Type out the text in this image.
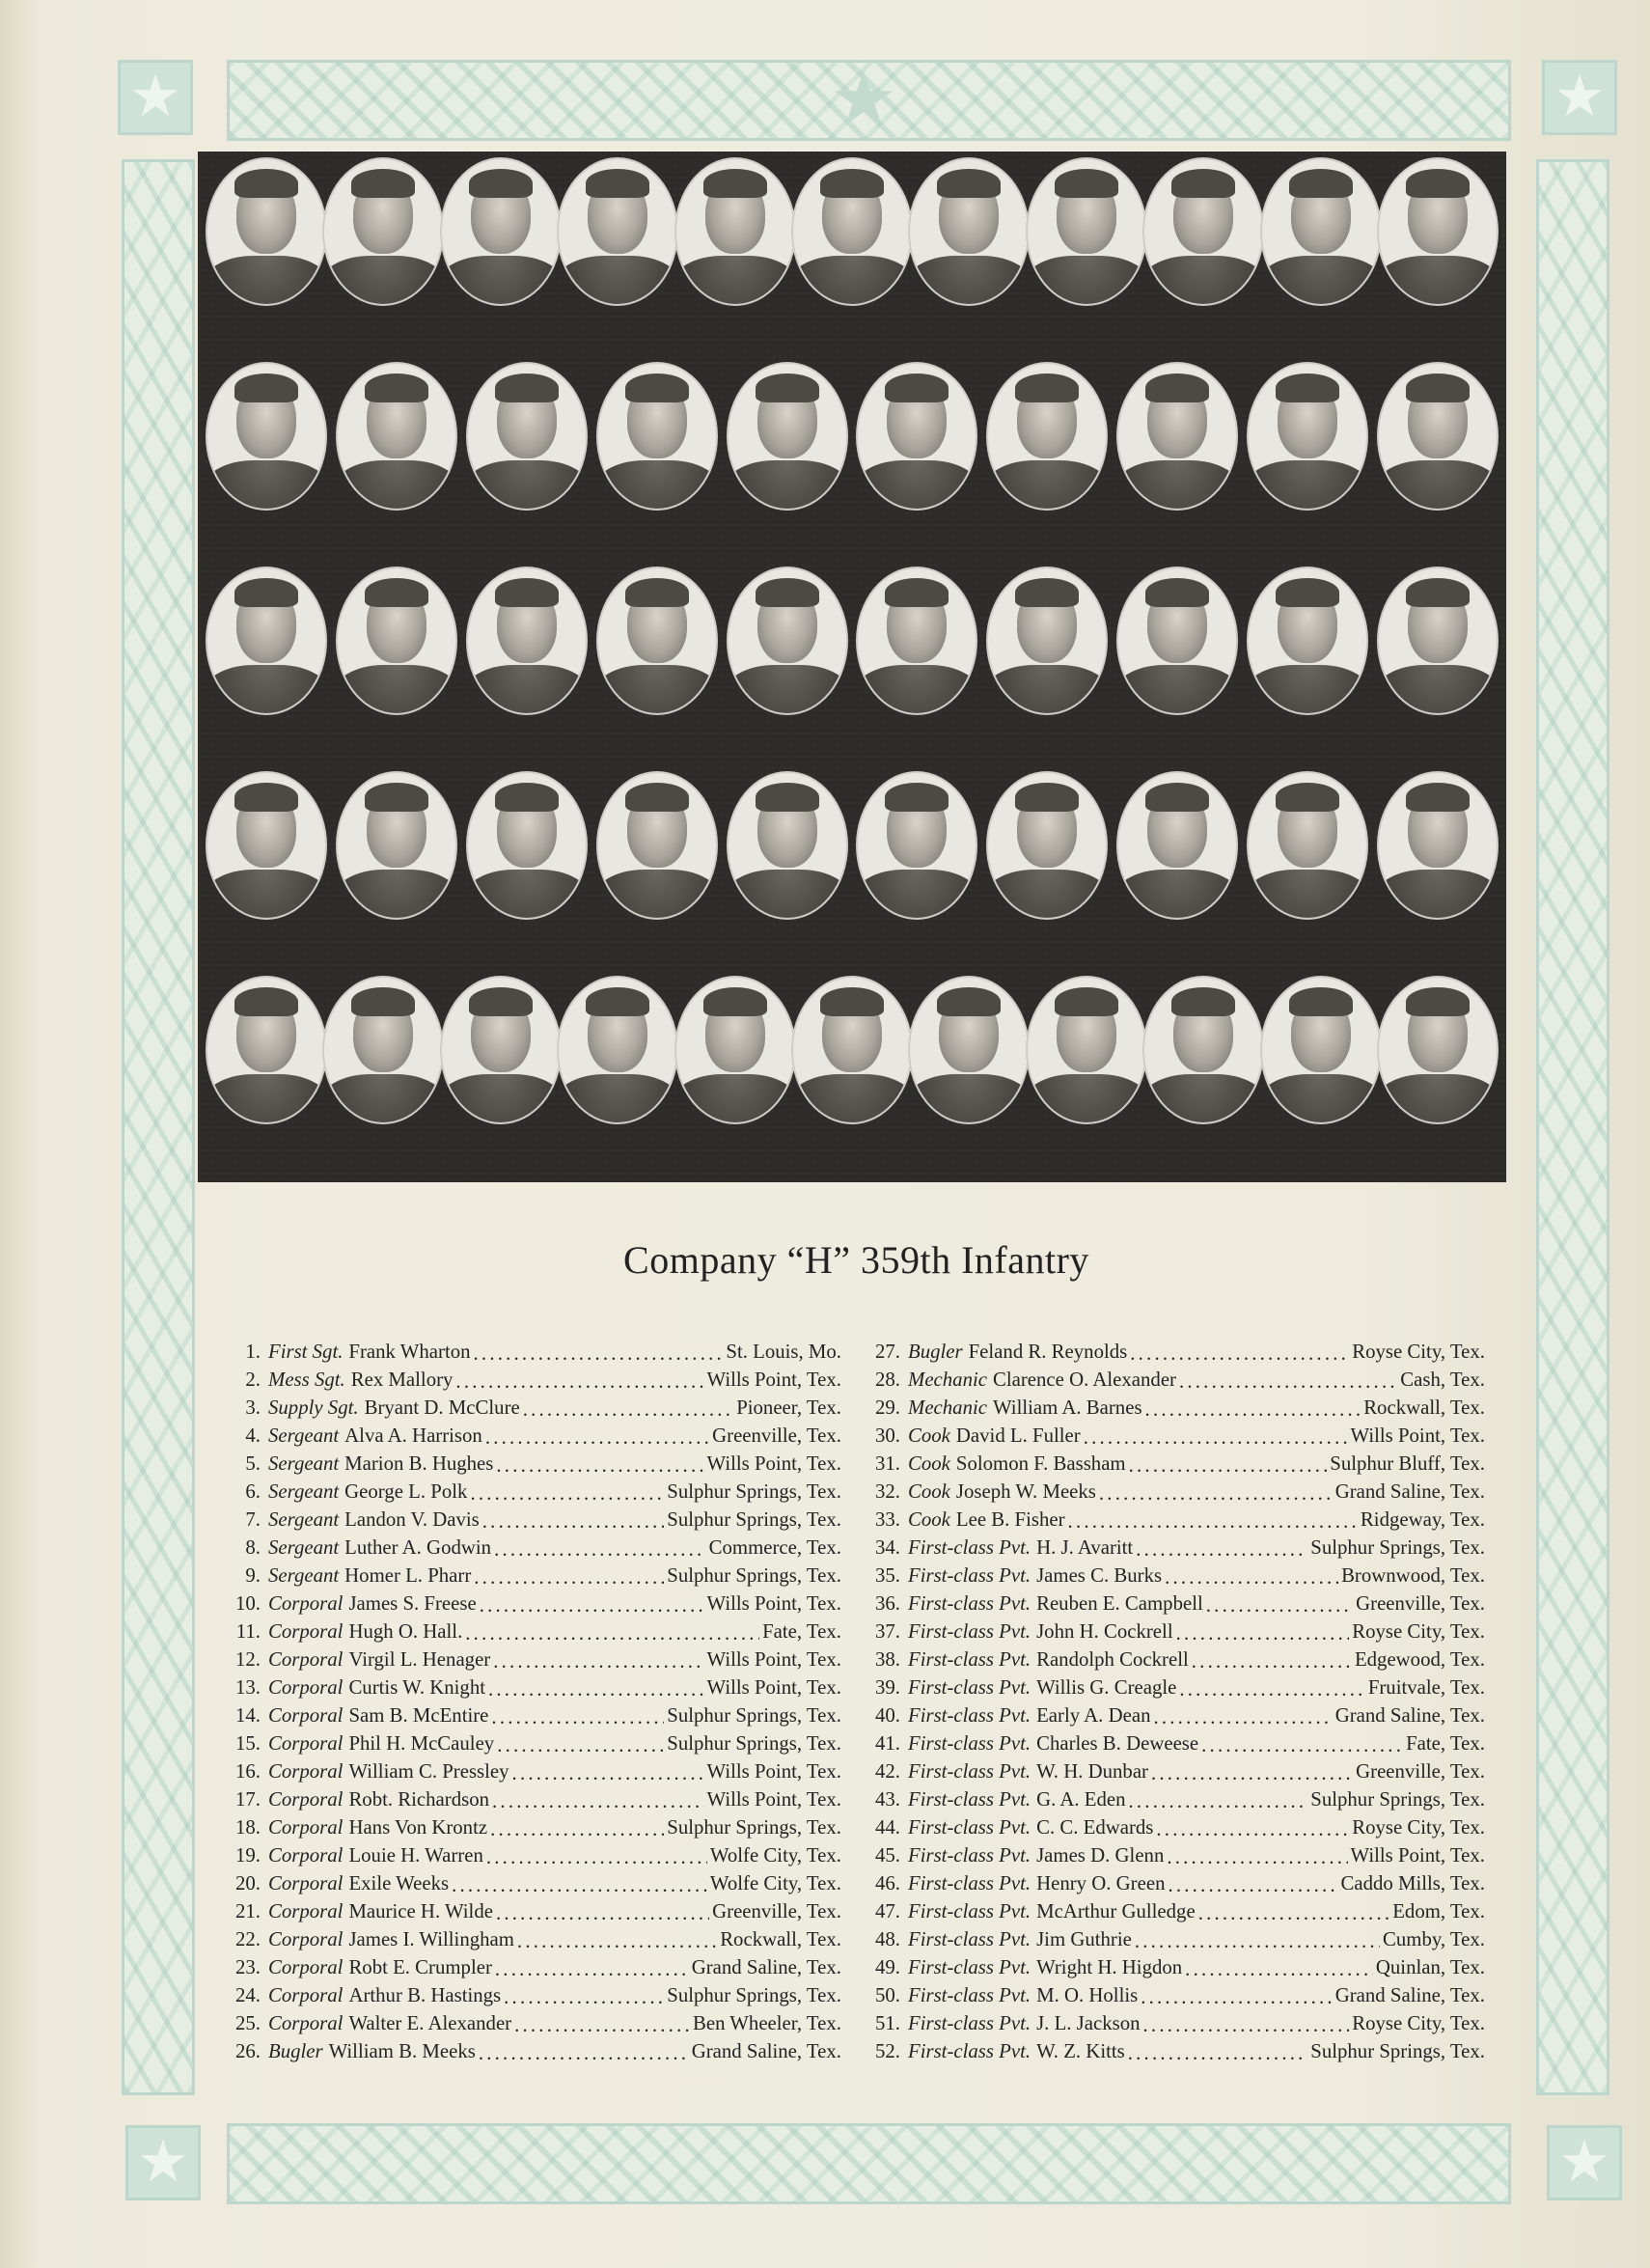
★
★	★
★	★
Company “H” 359th Infantry
1. First Sgt. Frank Wharton . . .	St. Louis, Mo.
2. Mess Sgt. Rex Mallory . . .	Wills Point, Tex.
3. Supply Sgt. Bryant D. McClure . . .	Pioneer, Tex.
4. Sergeant Alva A. Harrison . . .	Greenville, Tex.
5. Sergeant Marion B. Hughes . . .	Wills Point, Tex.
6. Sergeant George L. Polk . . .	Sulphur Springs, Tex.
7. Sergeant Landon V. Davis . . .	Sulphur Springs, Tex.
8. Sergeant Luther A. Godwin . . .	Commerce, Tex.
9. Sergeant Homer L. Pharr . . .	Sulphur Springs, Tex.
10. Corporal James S. Freese . . .	Wills Point, Tex.
11. Corporal Hugh O. Hall. . . .	Fate, Tex.
12. Corporal Virgil L. Henager . . .	Wills Point, Tex.
13. Corporal Curtis W. Knight . . .	Wills Point, Tex.
14. Corporal Sam B. McEntire . . .	Sulphur Springs, Tex.
15. Corporal Phil H. McCauley . . .	Sulphur Springs, Tex.
16. Corporal William C. Pressley . . .	Wills Point, Tex.
17. Corporal Robt. Richardson . . .	Wills Point, Tex.
18. Corporal Hans Von Krontz . . .	Sulphur Springs, Tex.
19. Corporal Louie H. Warren . . .	Wolfe City, Tex.
20. Corporal Exile Weeks . . .	Wolfe City, Tex.
21. Corporal Maurice H. Wilde . . .	Greenville, Tex.
22. Corporal James I. Willingham . . .	Rockwall, Tex.
23. Corporal Robt E. Crumpler . . .	Grand Saline, Tex.
24. Corporal Arthur B. Hastings . . .	Sulphur Springs, Tex.
25. Corporal Walter E. Alexander . . .	Ben Wheeler, Tex.
26. Bugler William B. Meeks . . .	Grand Saline, Tex.
27. Bugler Feland R. Reynolds . . .	Royse City, Tex.
28. Mechanic Clarence O. Alexander . . .	Cash, Tex.
29. Mechanic William A. Barnes . . .	Rockwall, Tex.
30. Cook David L. Fuller . . .	Wills Point, Tex.
31. Cook Solomon F. Bassham . . .	Sulphur Bluff, Tex.
32. Cook Joseph W. Meeks . . .	Grand Saline, Tex.
33. Cook Lee B. Fisher . . .	Ridgeway, Tex.
34. First-class Pvt. H. J. Avaritt . . .	Sulphur Springs, Tex.
35. First-class Pvt. James C. Burks . . .	Brownwood, Tex.
36. First-class Pvt. Reuben E. Campbell . . .	Greenville, Tex.
37. First-class Pvt. John H. Cockrell . . .	Royse City, Tex.
38. First-class Pvt. Randolph Cockrell . . .	Edgewood, Tex.
39. First-class Pvt. Willis G. Creagle . . .	Fruitvale, Tex.
40. First-class Pvt. Early A. Dean . . .	Grand Saline, Tex.
41. First-class Pvt. Charles B. Deweese . . .	Fate, Tex.
42. First-class Pvt. W. H. Dunbar . . .	Greenville, Tex.
43. First-class Pvt. G. A. Eden . . .	Sulphur Springs, Tex.
44. First-class Pvt. C. C. Edwards . . .	Royse City, Tex.
45. First-class Pvt. James D. Glenn . . .	Wills Point, Tex.
46. First-class Pvt. Henry O. Green . . .	Caddo Mills, Tex.
47. First-class Pvt. McArthur Gulledge . . .	Edom, Tex.
48. First-class Pvt. Jim Guthrie . . .	Cumby, Tex.
49. First-class Pvt. Wright H. Higdon . . .	Quinlan, Tex.
50. First-class Pvt. M. O. Hollis . . .	Grand Saline, Tex.
51. First-class Pvt. J. L. Jackson . . .	Royse City, Tex.
52. First-class Pvt. W. Z. Kitts . . .	Sulphur Springs, Tex.
